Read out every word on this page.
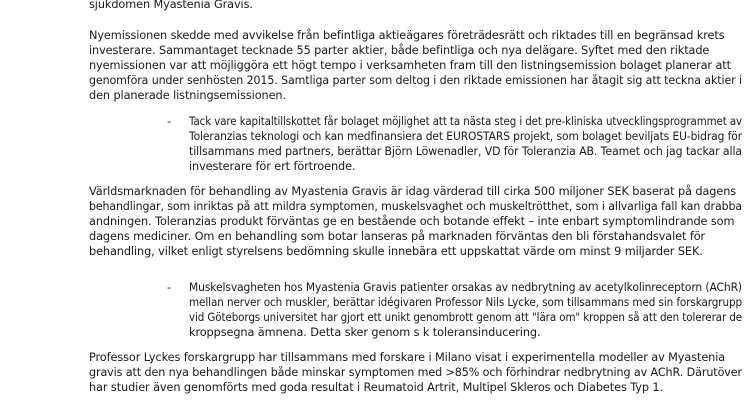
sjukdomen Myastenia Gravis.
Nyemissionen skedde med avvikelse från befintliga aktieägares företrädesrätt och riktades till en begränsad krets
investerare. Sammantaget tecknade 55 parter aktier, både befintliga och nya delägare. Syftet med den riktade
nyemissionen var att möjliggöra ett högt tempo i verksamheten fram till den listningsemission bolaget planerar att
genomföra under senhösten 2015. Samtliga parter som deltog i den riktade emissionen har åtagit sig att teckna aktier i
den planerade listningsemissionen.
- Tack vare kapitaltillskottet får bolaget möjlighet att ta nästa steg i det pre-kliniska utvecklingsprogrammet av
Toleranzias teknologi och kan medfinansiera det EUROSTARS projekt, som bolaget beviljats EU-bidrag för
tillsammans med partners, berättar Björn Löwenadler, VD för Toleranzia AB. Teamet och jag tackar alla
investerare för ert förtroende.
Världsmarknaden för behandling av Myastenia Gravis är idag värderad till cirka 500 miljoner SEK baserat på dagens
behandlingar, som inriktas på att mildra symptomen, muskelsvaghet och muskeltrötthet, som i allvarliga fall kan drabba
andningen. Toleranzias produkt förväntas ge en bestående och botande effekt – inte enbart symptomlindrande som
dagens mediciner. Om en behandling som botar lanseras på marknaden förväntas den bli förstahandsvalet för
behandling, vilket enligt styrelsens bedömning skulle innebära ett uppskattat värde om minst 9 miljarder SEK.
- Muskelsvagheten hos Myastenia Gravis patienter orsakas av nedbrytning av acetylkolinreceptorn (AChR)
mellan nerver och muskler, berättar idégivaren Professor Nils Lycke, som tillsammans med sin forskargrupp
vid Göteborgs universitet har gjort ett unikt genombrott genom att "lära om" kroppen så att den tolererar de
kroppsegna ämnena. Detta sker genom s k toleransinducering.
Professor Lyckes forskargrupp har tillsammans med forskare i Milano visat i experimentella modeller av Myastenia
gravis att den nya behandlingen både minskar symptomen med >85% och förhindrar nedbrytning av AChR. Därutöver
har studier även genomförts med goda resultat i Reumatoid Artrit, Multipel Skleros och Diabetes Typ 1.
